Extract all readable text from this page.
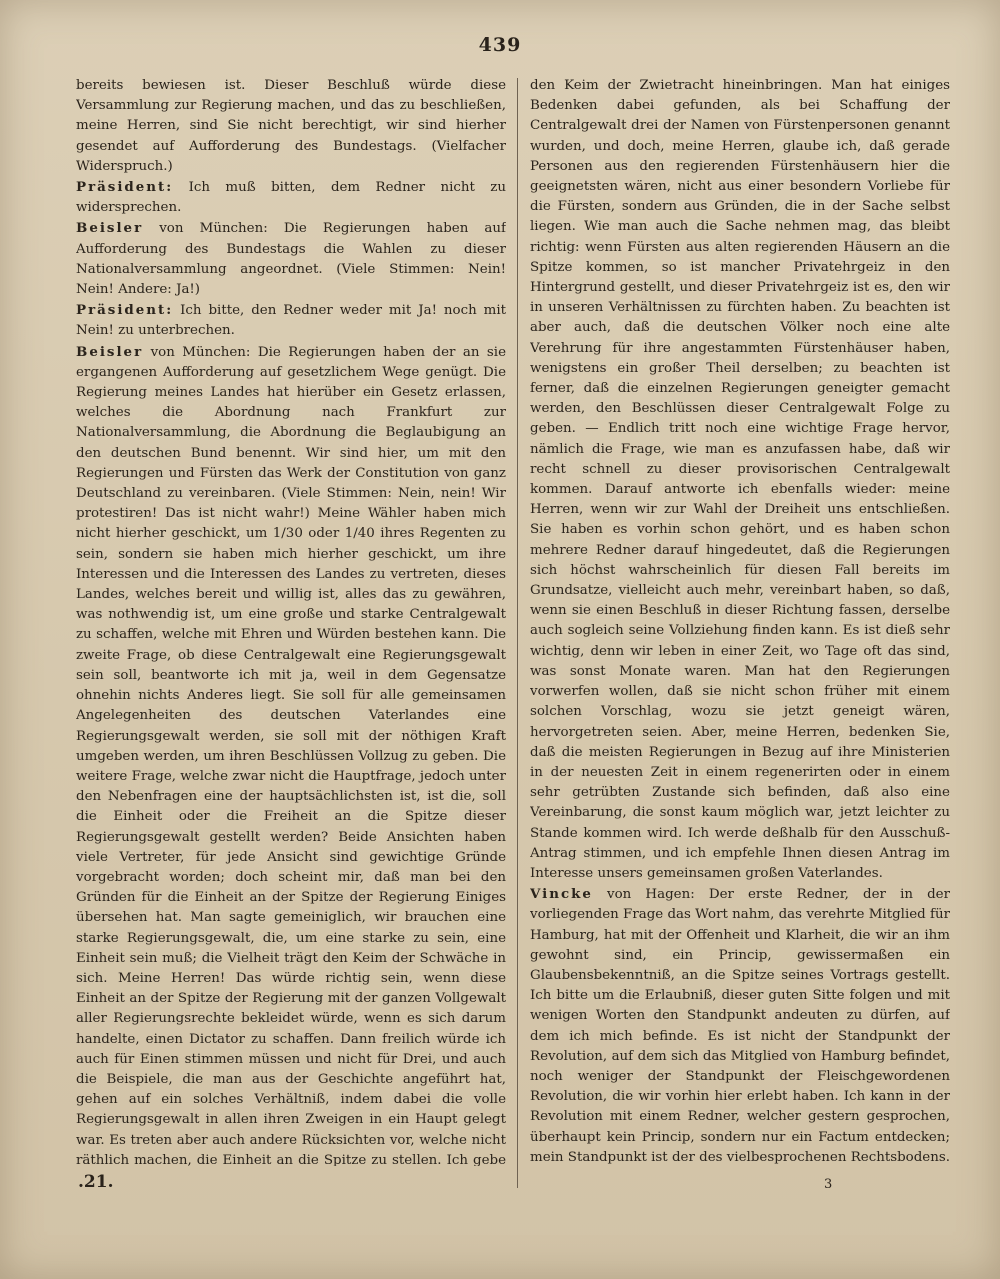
439

bereits bewiesen ist. Dieser Beschluß würde diese Versammlung zur Regierung machen, und das zu beschließen, meine Herren, sind Sie nicht berechtigt, wir sind hierher gesendet auf Aufforderung des Bundestags. (Vielfacher Widerspruch.)

Präsident: Ich muß bitten, dem Redner nicht zu widersprechen.

Beisler von München: Die Regierungen haben auf Aufforderung des Bundestags die Wahlen zu dieser Nationalversammlung angeordnet. (Viele Stimmen: Nein! Nein! Andere: Ja!)

Präsident: Ich bitte, den Redner weder mit Ja! noch mit Nein! zu unterbrechen.

Beisler von München: Die Regierungen haben der an sie ergangenen Aufforderung auf gesetzlichem Wege genügt. Die Regierung meines Landes hat hierüber ein Gesetz erlassen, welches die Abordnung nach Frankfurt zur Nationalversammlung, die Abordnung die Beglaubigung an den deutschen Bund benennt. Wir sind hier, um mit den Regierungen und Fürsten das Werk der Constitution von ganz Deutschland zu vereinbaren. (Viele Stimmen: Nein, nein! Wir protestiren! Das ist nicht wahr!) Meine Wähler haben mich nicht hierher geschickt, um 1/30 oder 1/40 ihres Regenten zu sein, sondern sie haben mich hierher geschickt, um ihre Interessen und die Interessen des Landes zu vertreten, dieses Landes, welches bereit und willig ist, alles das zu gewähren, was nothwendig ist, um eine große und starke Centralgewalt zu schaffen, welche mit Ehren und Würden bestehen kann. Die zweite Frage, ob diese Centralgewalt eine Regierungsgewalt sein soll, beantworte ich mit ja, weil in dem Gegensatze ohnehin nichts Anderes liegt. Sie soll für alle gemeinsamen Angelegenheiten des deutschen Vaterlandes eine Regierungsgewalt werden, sie soll mit der nöthigen Kraft umgeben werden, um ihren Beschlüssen Vollzug zu geben. Die weitere Frage, welche zwar nicht die Hauptfrage, jedoch unter den Nebenfragen eine der hauptsächlichsten ist, ist die, soll die Einheit oder die Freiheit an die Spitze dieser Regierungsgewalt gestellt werden? Beide Ansichten haben viele Vertreter, für jede Ansicht sind gewichtige Gründe vorgebracht worden; doch scheint mir, daß man bei den Gründen für die Einheit an der Spitze der Regierung Einiges übersehen hat. Man sagte gemeiniglich, wir brauchen eine starke Regierungsgewalt, die, um eine starke zu sein, eine Einheit sein muß; die Vielheit trägt den Keim der Schwäche in sich. Meine Herren! Das würde richtig sein, wenn diese Einheit an der Spitze der Regierung mit der ganzen Vollgewalt aller Regierungsrechte bekleidet würde, wenn es sich darum handelte, einen Dictator zu schaffen. Dann freilich würde ich auch für Einen stimmen müssen und nicht für Drei, und auch die Beispiele, die man aus der Geschichte angeführt hat, gehen auf ein solches Verhältniß, indem dabei die volle Regierungsgewalt in allen ihren Zweigen in ein Haupt gelegt war. Es treten aber auch andere Rücksichten vor, welche nicht räthlich machen, die Einheit an die Spitze zu stellen. Ich gebe

den Keim der Zwietracht hineinbringen. Man hat einiges Bedenken dabei gefunden, als bei Schaffung der Centralgewalt drei der Namen von Fürstenpersonen genannt wurden, und doch, meine Herren, glaube ich, daß gerade Personen aus den regierenden Fürstenhäusern hier die geeignetsten wären, nicht aus einer besondern Vorliebe für die Fürsten, sondern aus Gründen, die in der Sache selbst liegen. Wie man auch die Sache nehmen mag, das bleibt richtig: wenn Fürsten aus alten regierenden Häusern an die Spitze kommen, so ist mancher Privatehrgeiz in den Hintergrund gestellt, und dieser Privatehrgeiz ist es, den wir in unseren Verhältnissen zu fürchten haben. Zu beachten ist aber auch, daß die deutschen Völker noch eine alte Verehrung für ihre angestammten Fürstenhäuser haben, wenigstens ein großer Theil derselben; zu beachten ist ferner, daß die einzelnen Regierungen geneigter gemacht werden, den Beschlüssen dieser Centralgewalt Folge zu geben. — Endlich tritt noch eine wichtige Frage hervor, nämlich die Frage, wie man es anzufassen habe, daß wir recht schnell zu dieser provisorischen Centralgewalt kommen. Darauf antworte ich ebenfalls wieder: meine Herren, wenn wir zur Wahl der Dreiheit uns entschließen. Sie haben es vorhin schon gehört, und es haben schon mehrere Redner darauf hingedeutet, daß die Regierungen sich höchst wahrscheinlich für diesen Fall bereits im Grundsatze, vielleicht auch mehr, vereinbart haben, so daß, wenn sie einen Beschluß in dieser Richtung fassen, derselbe auch sogleich seine Vollziehung finden kann. Es ist dieß sehr wichtig, denn wir leben in einer Zeit, wo Tage oft das sind, was sonst Monate waren. Man hat den Regierungen vorwerfen wollen, daß sie nicht schon früher mit einem solchen Vorschlag, wozu sie jetzt geneigt wären, hervorgetreten seien. Aber, meine Herren, bedenken Sie, daß die meisten Regierungen in Bezug auf ihre Ministerien in der neuesten Zeit in einem regenerirten oder in einem sehr getrübten Zustande sich befinden, daß also eine Vereinbarung, die sonst kaum möglich war, jetzt leichter zu Stande kommen wird. Ich werde deßhalb für den Ausschuß-Antrag stimmen, und ich empfehle Ihnen diesen Antrag im Interesse unsers gemeinsamen großen Vaterlandes.

Vincke von Hagen: Der erste Redner, der in der vorliegenden Frage das Wort nahm, das verehrte Mitglied für Hamburg, hat mit der Offenheit und Klarheit, die wir an ihm gewohnt sind, ein Princip, gewissermaßen ein Glaubensbekenntniß, an die Spitze seines Vortrags gestellt. Ich bitte um die Erlaubniß, dieser guten Sitte folgen und mit wenigen Worten den Standpunkt andeuten zu dürfen, auf dem ich mich befinde. Es ist nicht der Standpunkt der Revolution, auf dem sich das Mitglied von Hamburg befindet, noch weniger der Standpunkt der Fleischgewordenen Revolution, die wir vorhin hier erlebt haben. Ich kann in der Revolution mit einem Redner, welcher gestern gesprochen, überhaupt kein Princip, sondern nur ein Factum entdecken; mein Standpunkt ist der des vielbesprochenen Rechtsbodens.

.21.	3
